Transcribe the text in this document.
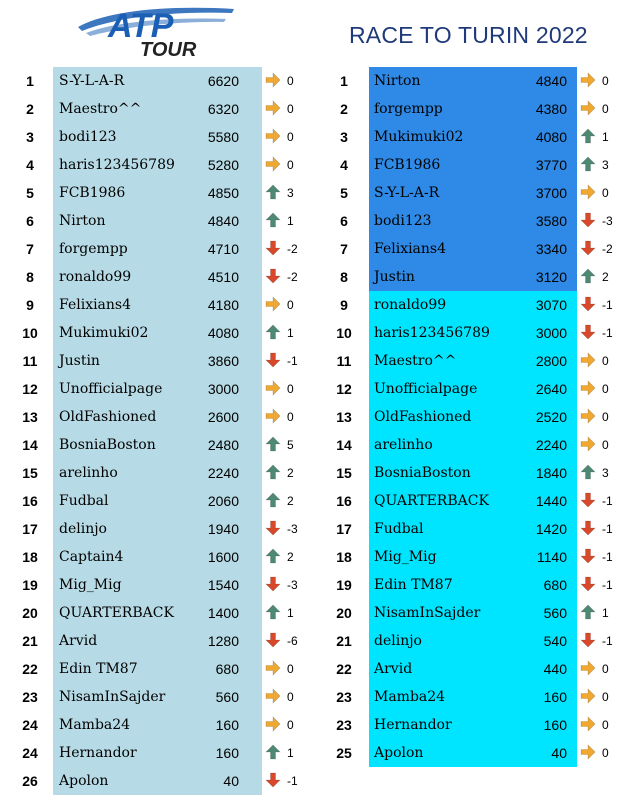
ATP
TOUR
RACE TO TURIN 2022
1	S-Y-L-A-R	6620	0
2	Maestro^^	6320	0
3	bodi123	5580	0
4	haris123456789	5280	0
5	FCB1986	4850	3
6	Nirton	4840	1
7	forgempp	4710	-2
8	ronaldo99	4510	-2
9	Felixians4	4180	0
10	Mukimuki02	4080	1
11	Justin	3860	-1
12	Unofficialpage	3000	0
13	OldFashioned	2600	0
14	BosniaBoston	2480	5
15	arelinho	2240	2
16	Fudbal	2060	2
17	delinjo	1940	-3
18	Captain4	1600	2
19	Mig_Mig	1540	-3
20	QUARTERBACK	1400	1
21	Arvid	1280	-6
22	Edin TM87	680	0
23	NisamInSajder	560	0
24	Mamba24	160	0
24	Hernandor	160	1
26	Apolon	40	-1
1	Nirton	4840	0
2	forgempp	4380	0
3	Mukimuki02	4080	1
4	FCB1986	3770	3
5	S-Y-L-A-R	3700	0
6	bodi123	3580	-3
7	Felixians4	3340	-2
8	Justin	3120	2
9	ronaldo99	3070	-1
10	haris123456789	3000	-1
11	Maestro^^	2800	0
12	Unofficialpage	2640	0
13	OldFashioned	2520	0
14	arelinho	2240	0
15	BosniaBoston	1840	3
16	QUARTERBACK	1440	-1
17	Fudbal	1420	-1
18	Mig_Mig	1140	-1
19	Edin TM87	680	-1
20	NisamInSajder	560	1
21	delinjo	540	-1
22	Arvid	440	0
23	Mamba24	160	0
23	Hernandor	160	0
25	Apolon	40	0
